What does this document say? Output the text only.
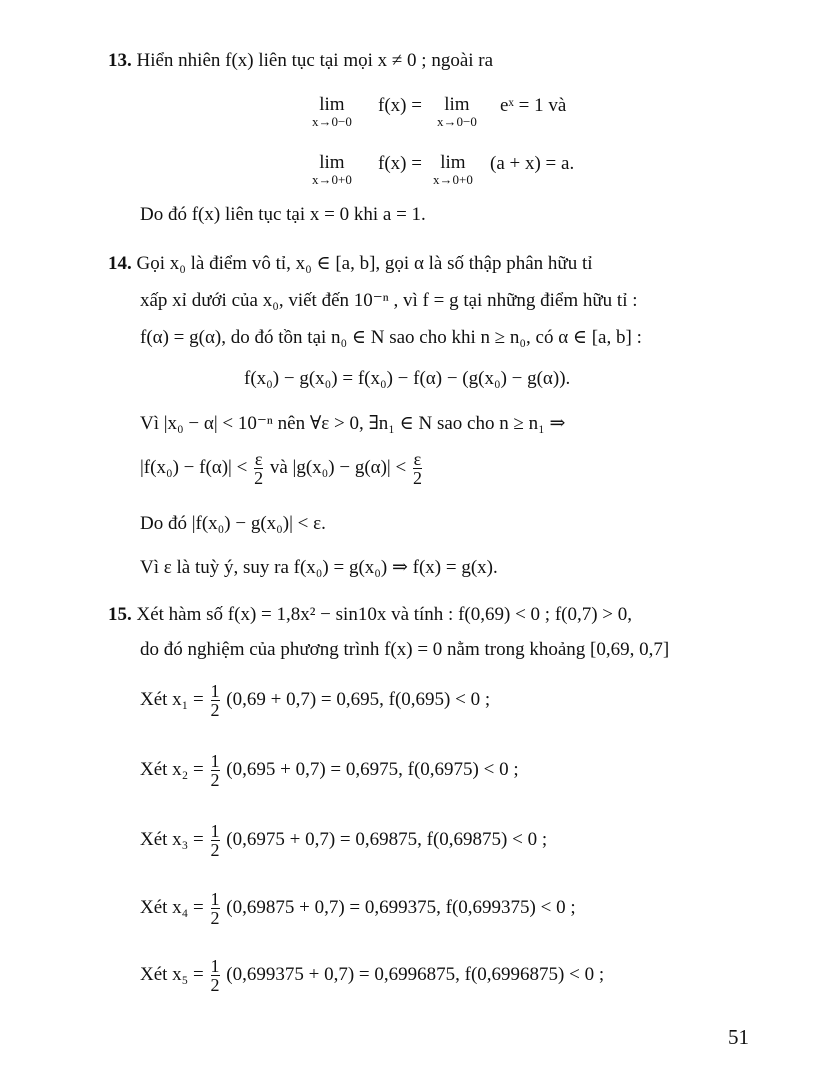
13. Hiển nhiên f(x) liên tục tại mọi x ≠ 0 ; ngoài ra
lim
x→0−0
f(x) =	lim
x→0−0
eˣ = 1 và
lim
x→0+0
f(x) = lim
x→0+0
(a + x) = a.
Do đó f(x) liên tục tại x = 0 khi a = 1.
14. Gọi x₀ là điểm vô tỉ, x₀ ∈ [a, b], gọi α là số thập phân hữu tỉ
xấp xỉ dưới của x₀, viết đến 10⁻ⁿ , vì f = g tại những điểm hữu tỉ :
f(α) = g(α), do đó tồn tại n₀ ∈ N sao cho khi n ≥ n₀, có α ∈ [a, b] :
f(x₀) − g(x₀) = f(x₀) − f(α) − (g(x₀) − g(α)).
Vì |x₀ − α| < 10⁻ⁿ nên ∀ε > 0, ∃n₁ ∈ N sao cho n ≥ n₁ ⇒
$|f(x_0) - f(\alpha)| < \frac{\varepsilon}{2}$ và $|g(x_0) - g(\alpha)| < \frac{\varepsilon}{2}$
Do đó |f(x₀) − g(x₀)| < ε.
Vì ε là tuỳ ý, suy ra f(x₀) = g(x₀) ⇒ f(x) = g(x).
15. Xét hàm số f(x) = 1,8x² − sin10x và tính : f(0,69) < 0 ; f(0,7) > 0,
do đó nghiệm của phương trình f(x) = 0 nằm trong khoảng [0,69, 0,7]
Xét $x_1 = \frac{1}{2} (0,69 + 0,7) = 0,695$, f(0,695) < 0 ;
Xét $x_2 = \frac{1}{2} (0,695 + 0,7) = 0,6975$, f(0,6975) < 0 ;
Xét $x_3 = \frac{1}{2} (0,6975 + 0,7) = 0,69875$, f(0,69875) < 0 ;
Xét $x_4 = \frac{1}{2} (0,69875 + 0,7) = 0,699375$, f(0,699375) < 0 ;
Xét $x_5 = \frac{1}{2} (0,699375 + 0,7) = 0,6996875$, f(0,6996875) < 0 ;
51
